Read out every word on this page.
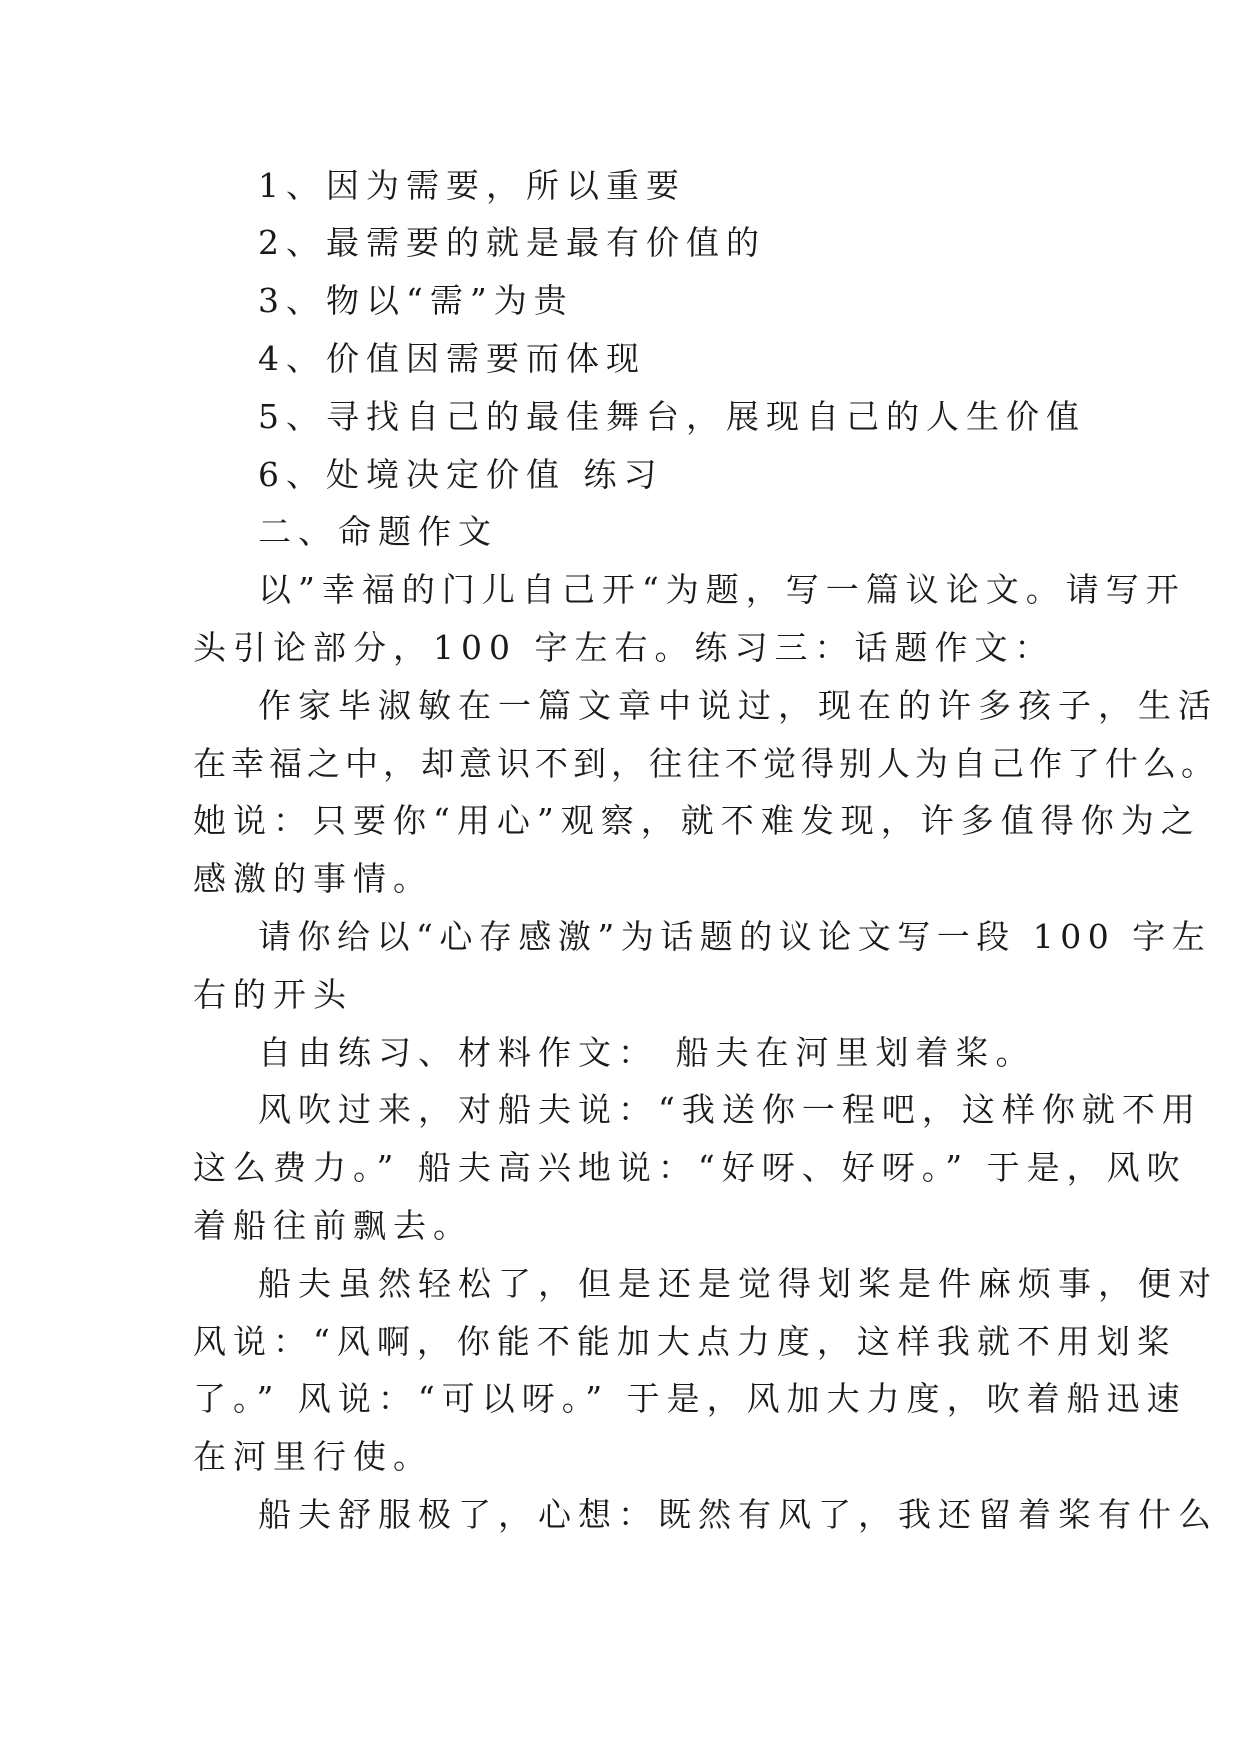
1、因为需要，所以重要
2、最需要的就是最有价值的
3、物以“需”为贵
4、价值因需要而体现
5、寻找自己的最佳舞台，展现自己的人生价值
6、处境决定价值 练习
二、命题作文
以”幸福的门儿自己开“为题，写一篇议论文。请写开
头引论部分，100 字左右。练习三：话题作文：
作家毕淑敏在一篇文章中说过，现在的许多孩子，生活
在幸福之中，却意识不到，往往不觉得别人为自己作了什么。
她说：只要你“用心”观察，就不难发现，许多值得你为之
感激的事情。
请你给以“心存感激”为话题的议论文写一段 100 字左
右的开头
自由练习、材料作文： 船夫在河里划着桨。
风吹过来，对船夫说：“我送你一程吧，这样你就不用
这么费力。” 船夫高兴地说：“好呀、好呀。” 于是，风吹
着船往前飘去。
船夫虽然轻松了，但是还是觉得划桨是件麻烦事，便对
风说：“风啊，你能不能加大点力度，这样我就不用划桨
了。” 风说：“可以呀。” 于是，风加大力度，吹着船迅速
在河里行使。
船夫舒服极了，心想：既然有风了，我还留着桨有什么
